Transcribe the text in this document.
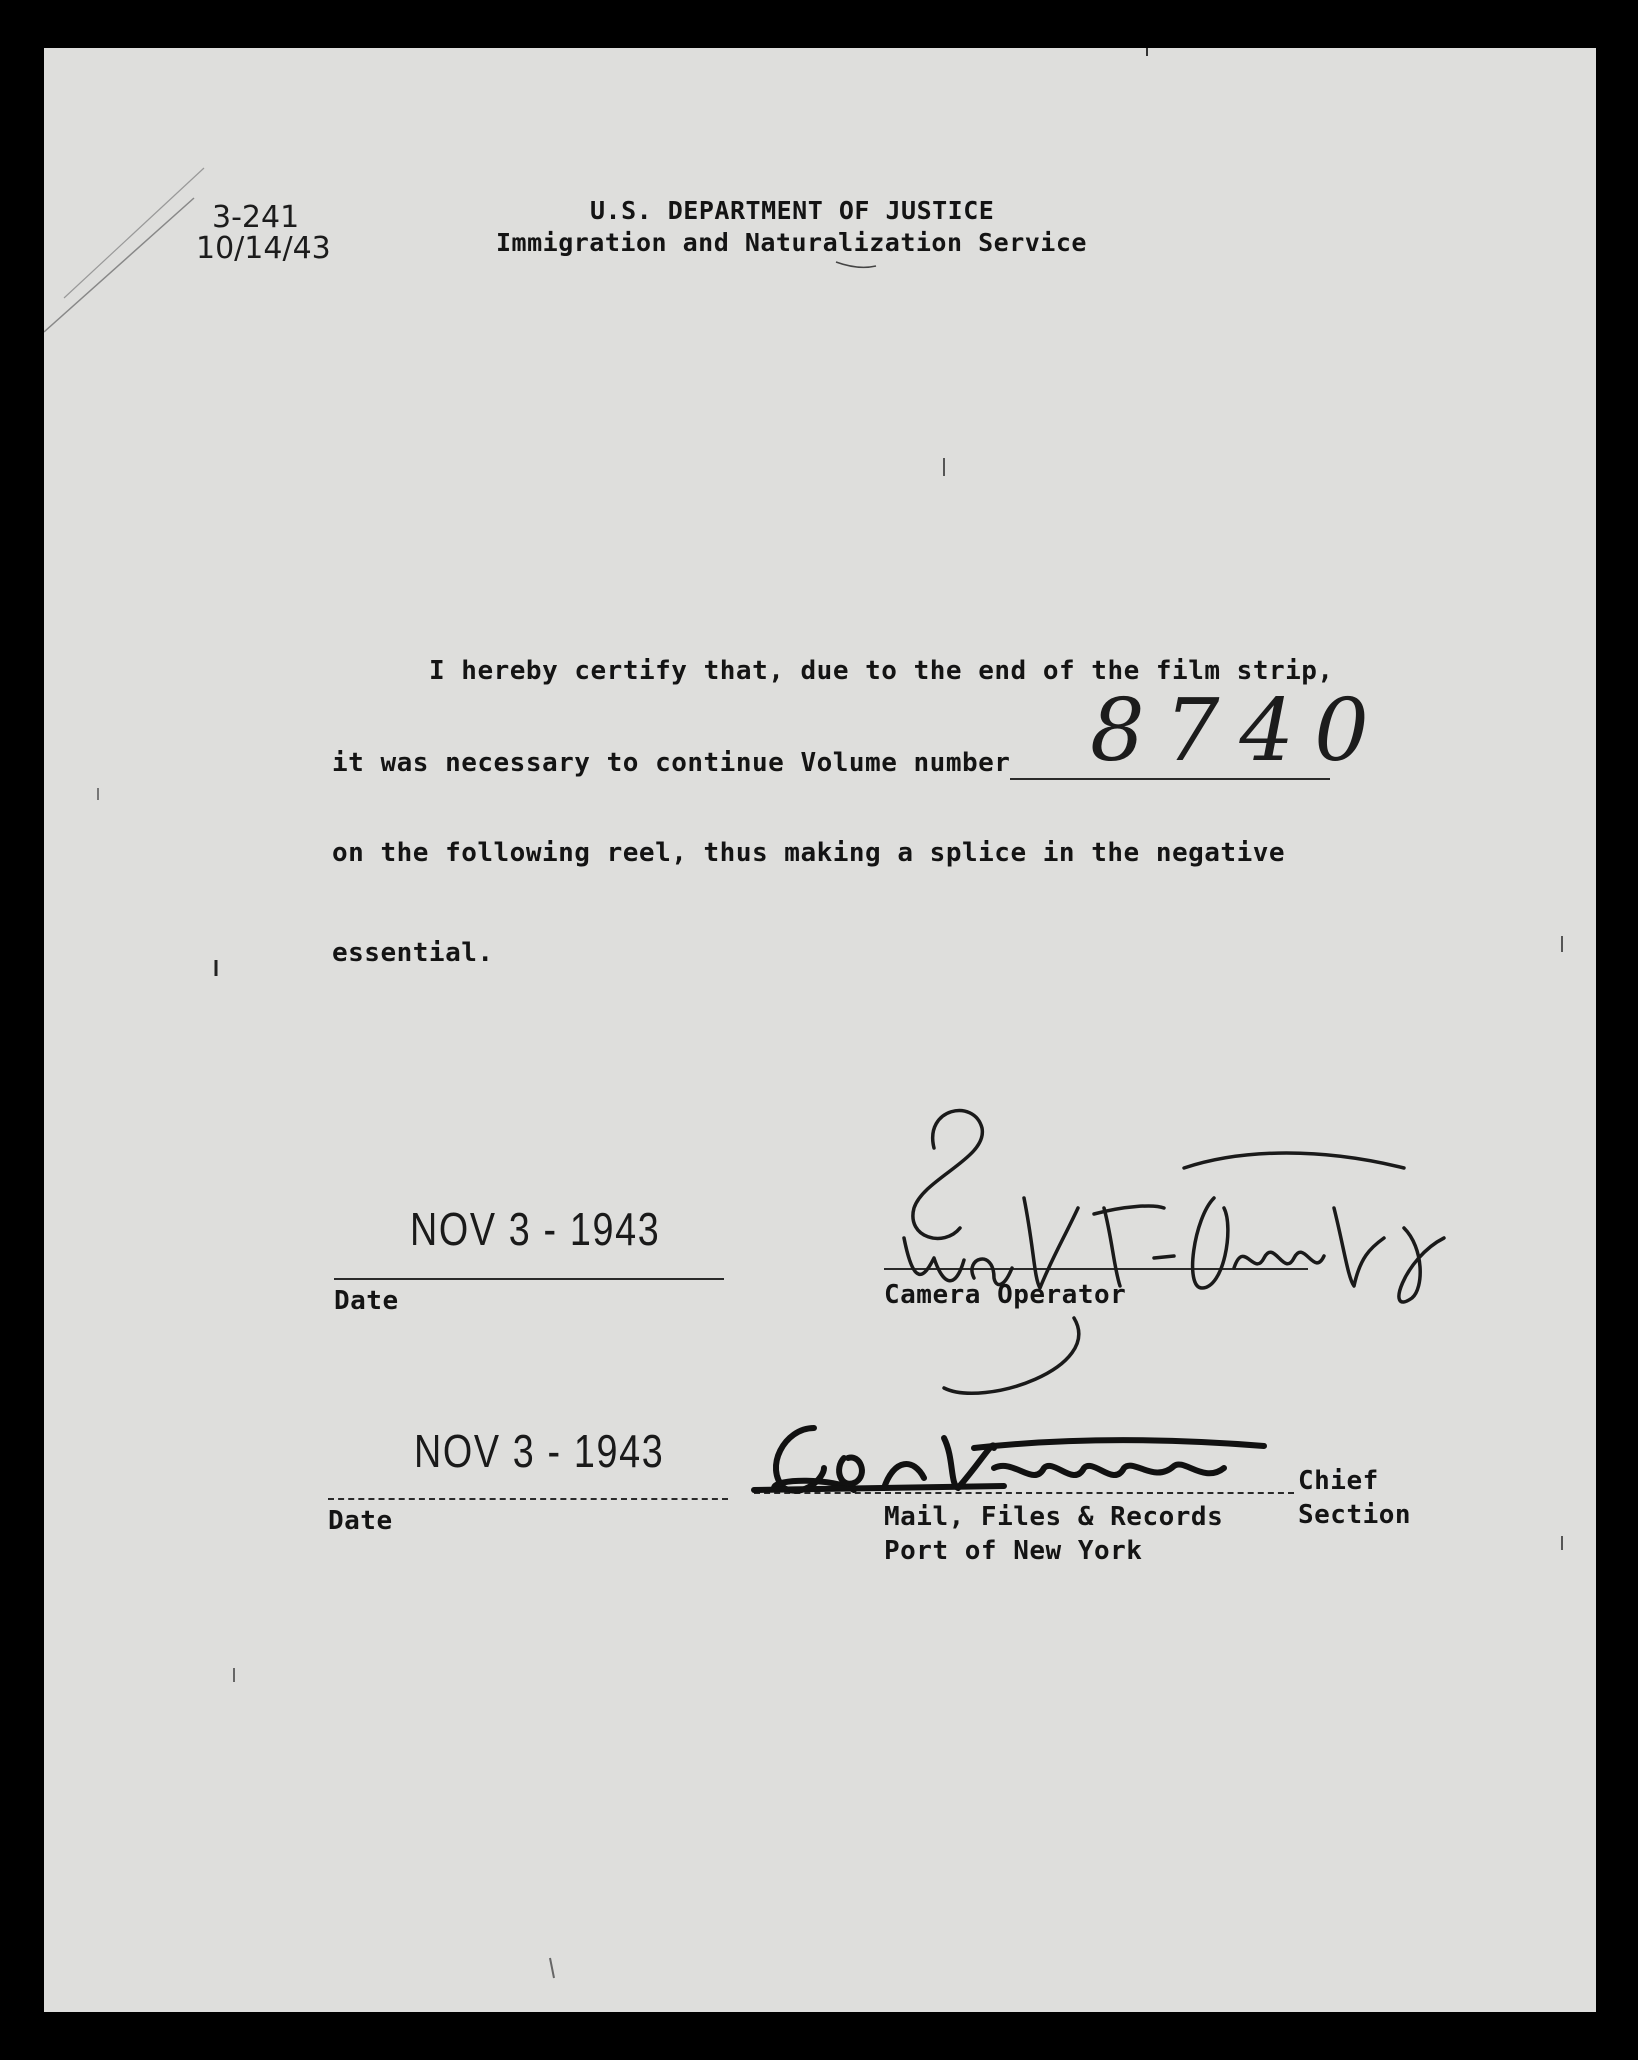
3-241
10/14/43
U.S. DEPARTMENT OF JUSTICE
Immigration and Naturalization Service
I hereby certify that, due to the end of the film strip,
it was necessary to continue Volume number 8740
on the following reel, thus making a splice in the negative
essential.
NOV 3 - 1943
Date	Camera Operator
NOV 3 - 1943
Date
Chief
Mail, Files & Records	Section
Port of New York
